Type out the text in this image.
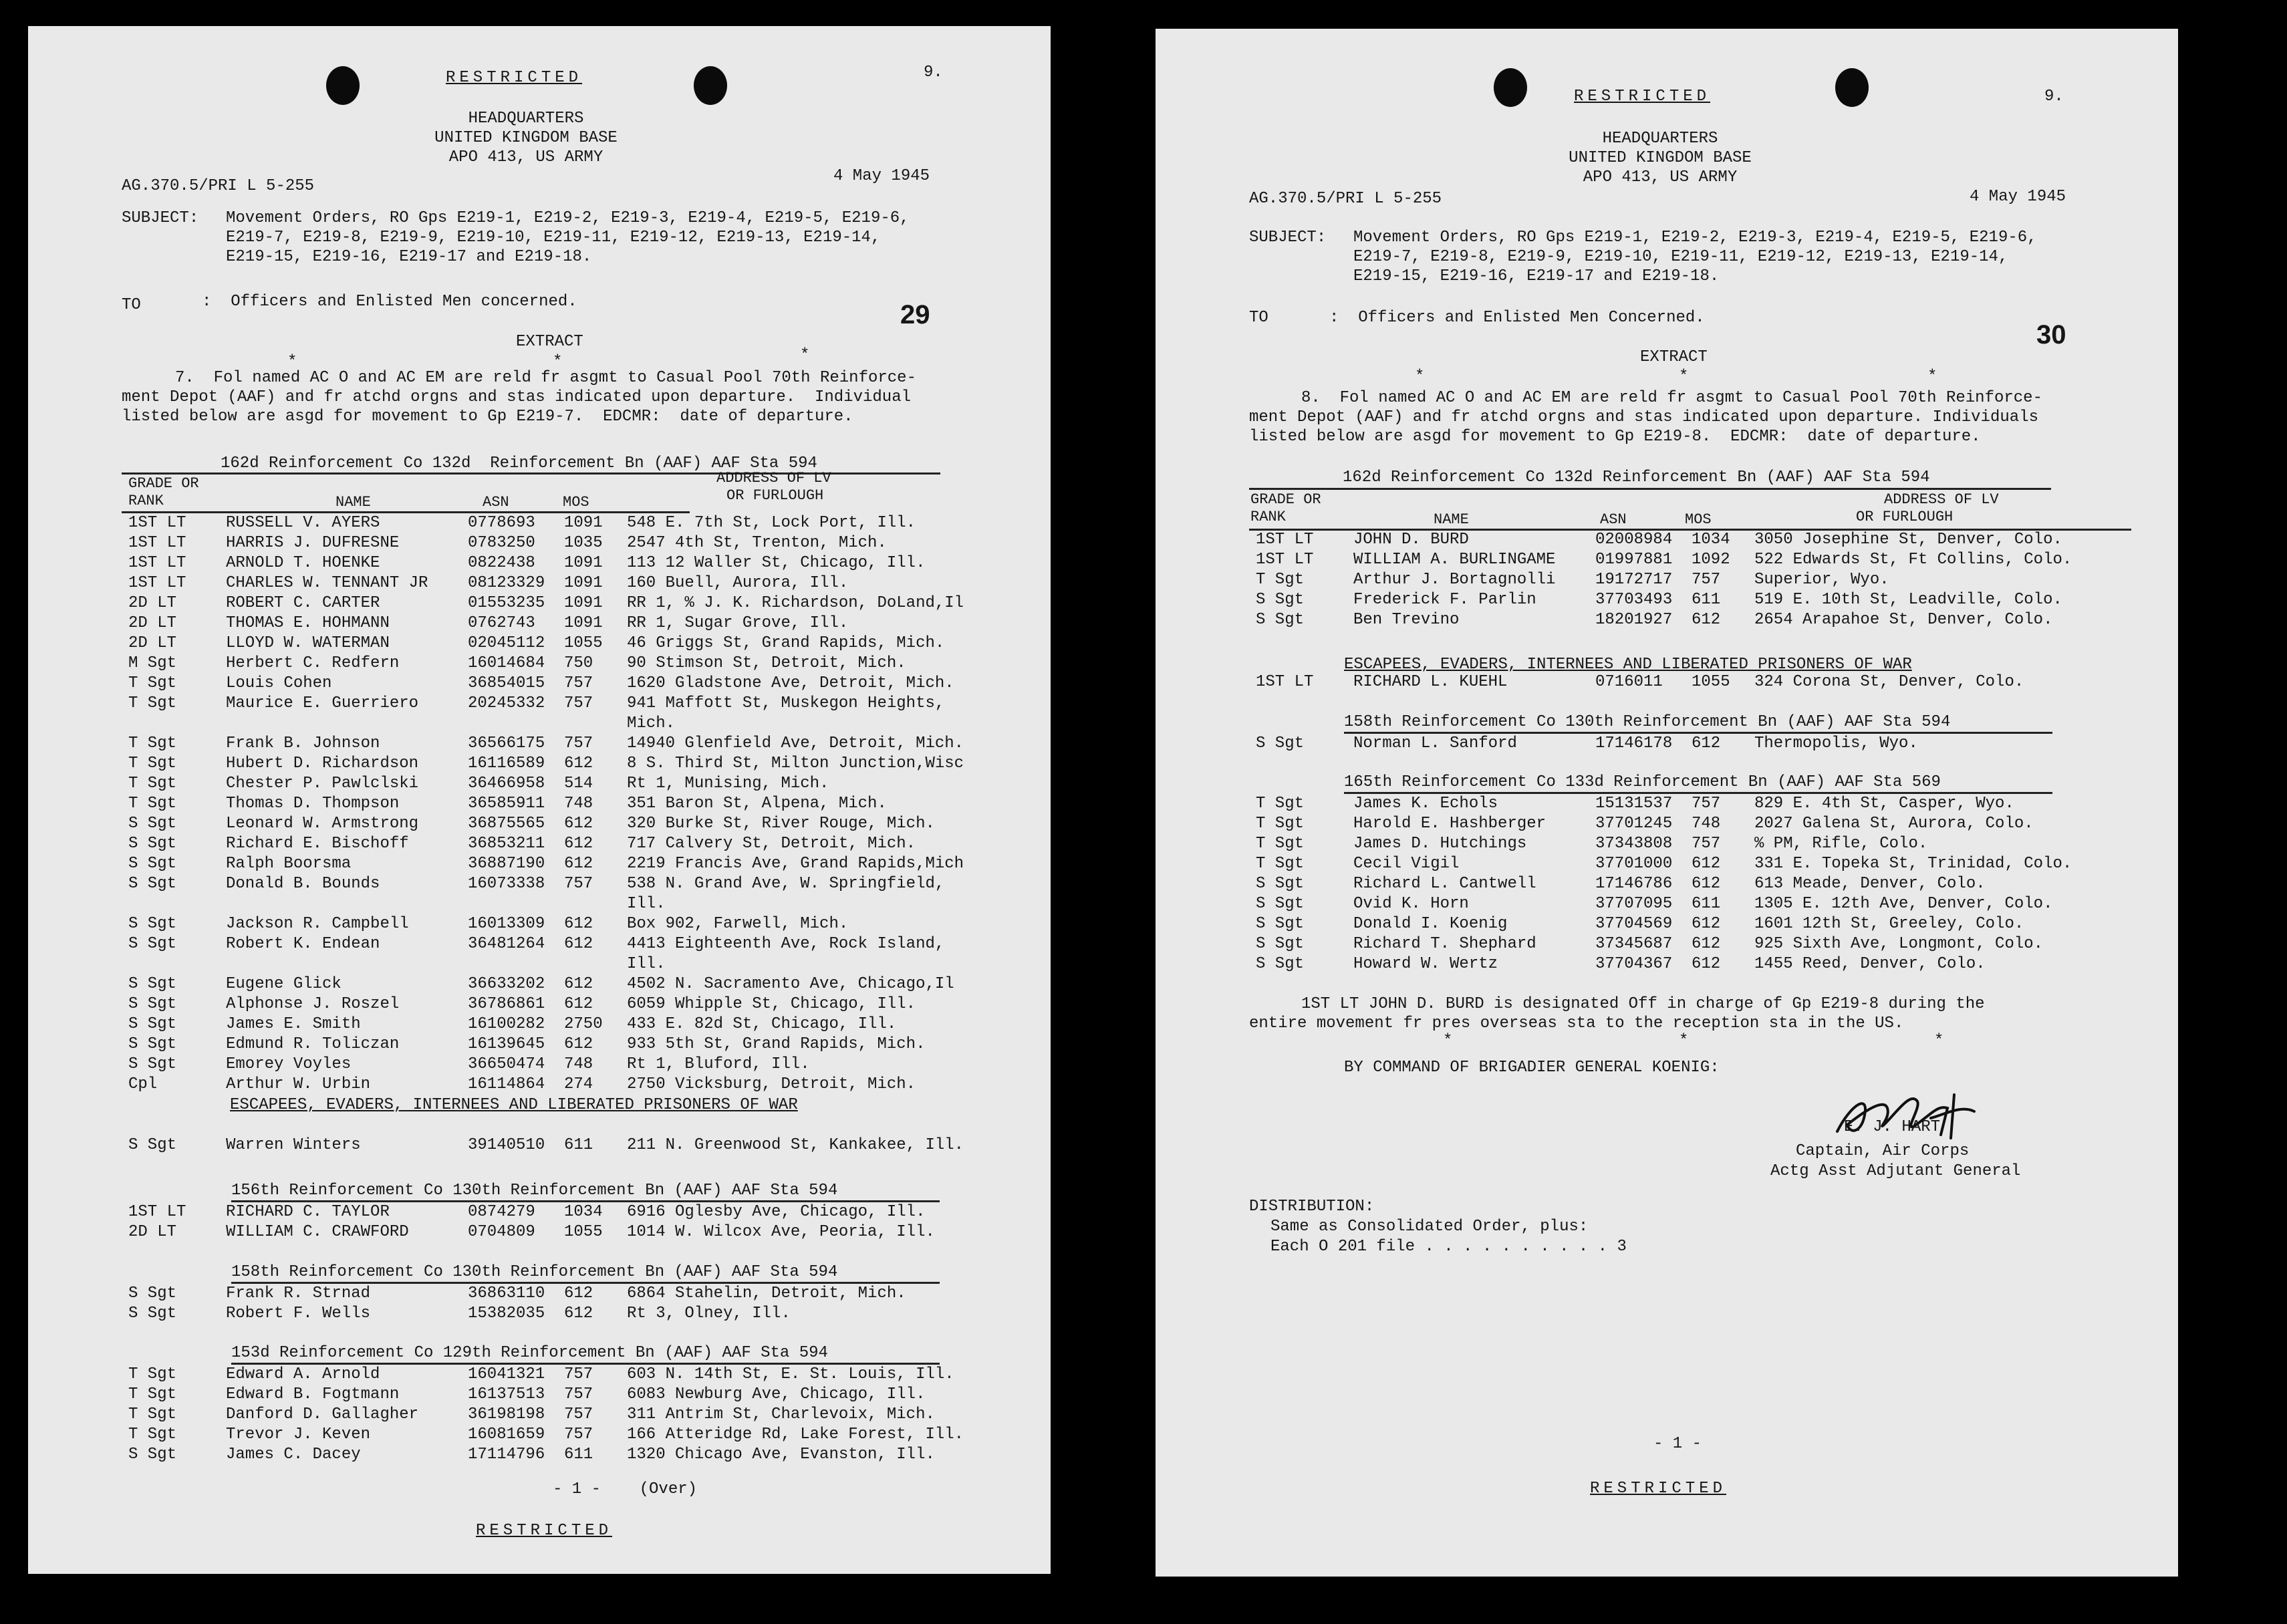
RESTRICTED	9.
HEADQUARTERS
UNITED KINGDOM BASE
APO 413, US ARMY
AG.370.5/PRI L 5-255
4 May 1945
SUBJECT: Movement Orders, RO Gps E219-1, E219-2, E219-3, E219-4, E219-5, E219-6,
E219-7, E219-8, E219-9, E219-10, E219-11, E219-12, E219-13, E219-14,
E219-15, E219-16, E219-17 and E219-18.
TO	:  Officers and Enlisted Men concerned.	29
EXTRACT
*	*	*
7.  Fol named AC O and AC EM are reld fr asgmt to Casual Pool 70th Reinforce-
ment Depot (AAF) and fr atchd orgns and stas indicated upon departure.  Individual
listed below are asgd for movement to Gp E219-7.  EDCMR:  date of departure.
162d Reinforcement Co 132d  Reinforcement Bn (AAF) AAF Sta 594
GRADE OR
RANK	NAME	ASN	MOS
ADDRESS OF LV
OR FURLOUGH
1ST LT	RUSSELL V. AYERS	0778693	1091	548 E. 7th St, Lock Port, Ill.
1ST LT	HARRIS J. DUFRESNE	0783250	1035	2547 4th St, Trenton, Mich.
1ST LT	ARNOLD T. HOENKE	0822438	1091	113 12 Waller St, Chicago, Ill.
1ST LT	CHARLES W. TENNANT JR	08123329	1091	160 Buell, Aurora, Ill.
2D LT	ROBERT C. CARTER	01553235	1091	RR 1, % J. K. Richardson, DoLand,Il
2D LT	THOMAS E. HOHMANN	0762743	1091	RR 1, Sugar Grove, Ill.
2D LT	LLOYD W. WATERMAN	02045112	1055	46 Griggs St, Grand Rapids, Mich.
M Sgt	Herbert C. Redfern	16014684	750	90 Stimson St, Detroit, Mich.
T Sgt	Louis Cohen	36854015	757	1620 Gladstone Ave, Detroit, Mich.
T Sgt	Maurice E. Guerriero	20245332	757	941 Maffott St, Muskegon Heights,
				Mich.
T Sgt	Frank B. Johnson	36566175	757	14940 Glenfield Ave, Detroit, Mich.
T Sgt	Hubert D. Richardson	16116589	612	8 S. Third St, Milton Junction,Wisc
T Sgt	Chester P. Pawlclski	36466958	514	Rt 1, Munising, Mich.
T Sgt	Thomas D. Thompson	36585911	748	351 Baron St, Alpena, Mich.
S Sgt	Leonard W. Armstrong	36875565	612	320 Burke St, River Rouge, Mich.
S Sgt	Richard E. Bischoff	36853211	612	717 Calvery St, Detroit, Mich.
S Sgt	Ralph Boorsma	36887190	612	2219 Francis Ave, Grand Rapids,Mich
S Sgt	Donald B. Bounds	16073338	757	538 N. Grand Ave, W. Springfield,
				Ill.
S Sgt	Jackson R. Campbell	16013309	612	Box 902, Farwell, Mich.
S Sgt	Robert K. Endean	36481264	612	4413 Eighteenth Ave, Rock Island,
				Ill.
S Sgt	Eugene Glick	36633202	612	4502 N. Sacramento Ave, Chicago,Il
S Sgt	Alphonse J. Roszel	36786861	612	6059 Whipple St, Chicago, Ill.
S Sgt	James E. Smith	16100282	2750	433 E. 82d St, Chicago, Ill.
S Sgt	Edmund R. Toliczan	16139645	612	933 5th St, Grand Rapids, Mich.
S Sgt	Emorey Voyles	36650474	748	Rt 1, Bluford, Ill.
Cpl	Arthur W. Urbin	16114864	274	2750 Vicksburg, Detroit, Mich.
ESCAPEES, EVADERS, INTERNEES AND LIBERATED PRISONERS OF WAR
S Sgt	Warren Winters	39140510	611	211 N. Greenwood St, Kankakee, Ill.
156th Reinforcement Co 130th Reinforcement Bn (AAF) AAF Sta 594
1ST LT	RICHARD C. TAYLOR	0874279	1034	6916 Oglesby Ave, Chicago, Ill.
2D LT	WILLIAM C. CRAWFORD	0704809	1055	1014 W. Wilcox Ave, Peoria, Ill.
158th Reinforcement Co 130th Reinforcement Bn (AAF) AAF Sta 594
S Sgt	Frank R. Strnad	36863110	612	6864 Stahelin, Detroit, Mich.
S Sgt	Robert F. Wells	15382035	612	Rt 3, Olney, Ill.
153d Reinforcement Co 129th Reinforcement Bn (AAF) AAF Sta 594
T Sgt	Edward A. Arnold	16041321	757	603 N. 14th St, E. St. Louis, Ill.
T Sgt	Edward B. Fogtmann	16137513	757	6083 Newburg Ave, Chicago, Ill.
T Sgt	Danford D. Gallagher	36198198	757	311 Antrim St, Charlevoix, Mich.
T Sgt	Trevor J. Keven	16081659	757	166 Atteridge Rd, Lake Forest, Ill.
S Sgt	James C. Dacey	17114796	611	1320 Chicago Ave, Evanston, Ill.
- 1 -    (Over)
RESTRICTED
RESTRICTED	9.
HEADQUARTERS
UNITED KINGDOM BASE
APO 413, US ARMY
AG.370.5/PRI L 5-255	4 May 1945
SUBJECT: Movement Orders, RO Gps E219-1, E219-2, E219-3, E219-4, E219-5, E219-6,
E219-7, E219-8, E219-9, E219-10, E219-11, E219-12, E219-13, E219-14,
E219-15, E219-16, E219-17 and E219-18.
TO	:  Officers and Enlisted Men Concerned.
30
EXTRACT
*	*	*
8.  Fol named AC O and AC EM are reld fr asgmt to Casual Pool 70th Reinforce-
ment Depot (AAF) and fr atchd orgns and stas indicated upon departure. Individuals
listed below are asgd for movement to Gp E219-8.  EDCMR:  date of departure.
162d Reinforcement Co 132d Reinforcement Bn (AAF) AAF Sta 594
GRADE OR
RANK	NAME	ASN	MOS
ADDRESS OF LV
OR FURLOUGH
1ST LT	JOHN D. BURD	02008984	1034	3050 Josephine St, Denver, Colo.
1ST LT	WILLIAM A. BURLINGAME	01997881	1092	522 Edwards St, Ft Collins, Colo.
T Sgt	Arthur J. Bortagnolli	19172717	757	Superior, Wyo.
S Sgt	Frederick F. Parlin	37703493	611	519 E. 10th St, Leadville, Colo.
S Sgt	Ben Trevino	18201927	612	2654 Arapahoe St, Denver, Colo.
ESCAPEES, EVADERS, INTERNEES AND LIBERATED PRISONERS OF WAR
1ST LT	RICHARD L. KUEHL	0716011	1055	324 Corona St, Denver, Colo.
158th Reinforcement Co 130th Reinforcement Bn (AAF) AAF Sta 594
S Sgt	Norman L. Sanford	17146178	612	Thermopolis, Wyo.
165th Reinforcement Co 133d Reinforcement Bn (AAF) AAF Sta 569
T Sgt	James K. Echols	15131537	757	829 E. 4th St, Casper, Wyo.
T Sgt	Harold E. Hashberger	37701245	748	2027 Galena St, Aurora, Colo.
T Sgt	James D. Hutchings	37343808	757	% PM, Rifle, Colo.
T Sgt	Cecil Vigil	37701000	612	331 E. Topeka St, Trinidad, Colo.
S Sgt	Richard L. Cantwell	17146786	612	613 Meade, Denver, Colo.
S Sgt	Ovid K. Horn	37707095	611	1305 E. 12th Ave, Denver, Colo.
S Sgt	Donald I. Koenig	37704569	612	1601 12th St, Greeley, Colo.
S Sgt	Richard T. Shephard	37345687	612	925 Sixth Ave, Longmont, Colo.
S Sgt	Howard W. Wertz	37704367	612	1455 Reed, Denver, Colo.
1ST LT JOHN D. BURD is designated Off in charge of Gp E219-8 during the
entire movement fr pres overseas sta to the reception sta in the US.
*	*	*
BY COMMAND OF BRIGADIER GENERAL KOENIG:
E. J. HART
Captain, Air Corps
Actg Asst Adjutant General
DISTRIBUTION:
Same as Consolidated Order, plus:
Each O 201 file . . . . . . . . . . 3
- 1 -
RESTRICTED
